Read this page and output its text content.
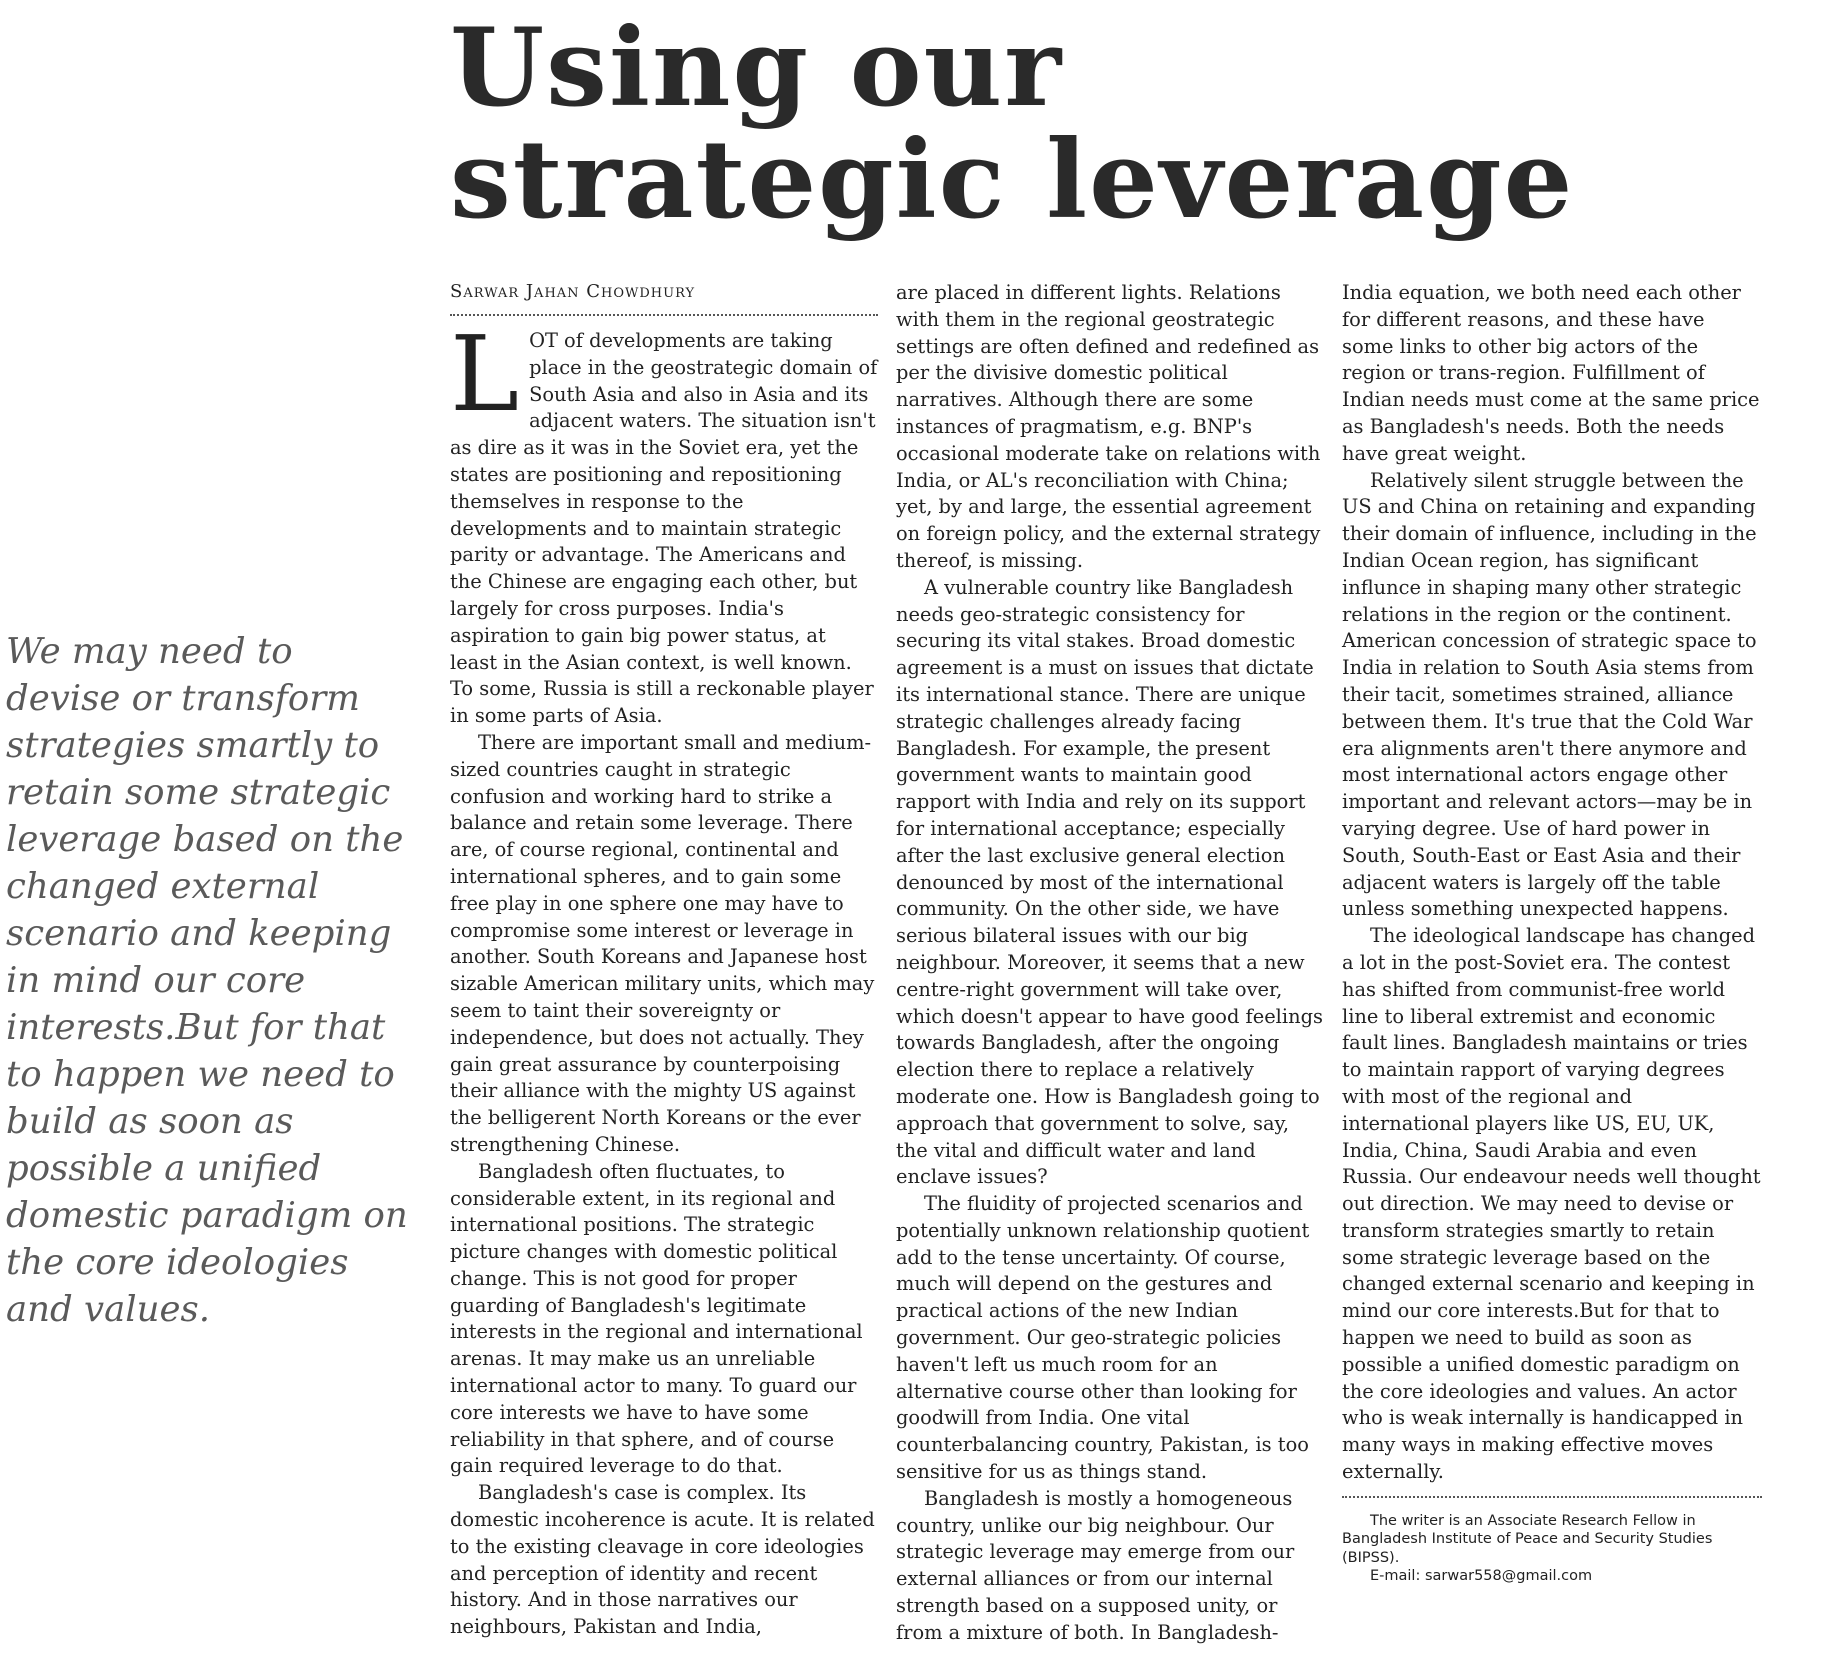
Using our strategic leverage

We may need to devise or transform strategies smartly to retain some strategic leverage based on the changed external scenario and keeping in mind our core interests.But for that to happen we need to build as soon as possible a unified domestic paradigm on the core ideologies and values.

Sarwar Jahan Chowdhury

LOT of developments are taking place in the geostrategic domain of South Asia and also in Asia and its adjacent waters. The situation isn't as dire as it was in the Soviet era, yet the states are positioning and repositioning themselves in response to the developments and to maintain strategic parity or advantage. The Americans and the Chinese are engaging each other, but largely for cross purposes. India's aspiration to gain big power status, at least in the Asian context, is well known. To some, Russia is still a reckonable player in some parts of Asia.

There are important small and medium-sized countries caught in strategic confusion and working hard to strike a balance and retain some leverage. There are, of course regional, continental and international spheres, and to gain some free play in one sphere one may have to compromise some interest or leverage in another. South Koreans and Japanese host sizable American military units, which may seem to taint their sovereignty or independence, but does not actually. They gain great assurance by counterpoising their alliance with the mighty US against the belligerent North Koreans or the ever strengthening Chinese.

Bangladesh often fluctuates, to considerable extent, in its regional and international positions. The strategic picture changes with domestic political change. This is not good for proper guarding of Bangladesh's legitimate interests in the regional and international arenas. It may make us an unreliable international actor to many. To guard our core interests we have to have some reliability in that sphere, and of course gain required leverage to do that.

Bangladesh's case is complex. Its domestic incoherence is acute. It is related to the existing cleavage in core ideologies and perception of identity and recent history. And in those narratives our neighbours, Pakistan and India,

are placed in different lights. Relations with them in the regional geostrategic settings are often defined and redefined as per the divisive domestic political narratives. Although there are some instances of pragmatism, e.g. BNP's occasional moderate take on relations with India, or AL's reconciliation with China; yet, by and large, the essential agreement on foreign policy, and the external strategy thereof, is missing.

A vulnerable country like Bangladesh needs geo-strategic consistency for securing its vital stakes. Broad domestic agreement is a must on issues that dictate its international stance. There are unique strategic challenges already facing Bangladesh. For example, the present government wants to maintain good rapport with India and rely on its support for international acceptance; especially after the last exclusive general election denounced by most of the international community. On the other side, we have serious bilateral issues with our big neighbour. Moreover, it seems that a new centre-right government will take over, which doesn't appear to have good feelings towards Bangladesh, after the ongoing election there to replace a relatively moderate one. How is Bangladesh going to approach that government to solve, say, the vital and difficult water and land enclave issues?

The fluidity of projected scenarios and potentially unknown relationship quotient add to the tense uncertainty. Of course, much will depend on the gestures and practical actions of the new Indian government. Our geo-strategic policies haven't left us much room for an alternative course other than looking for goodwill from India. One vital counterbalancing country, Pakistan, is too sensitive for us as things stand.

Bangladesh is mostly a homogeneous country, unlike our big neighbour. Our strategic leverage may emerge from our external alliances or from our internal strength based on a supposed unity, or from a mixture of both. In Bangladesh-

India equation, we both need each other for different reasons, and these have some links to other big actors of the region or trans-region. Fulfillment of Indian needs must come at the same price as Bangladesh's needs. Both the needs have great weight.

Relatively silent struggle between the US and China on retaining and expanding their domain of influence, including in the Indian Ocean region, has significant influnce in shaping many other strategic relations in the region or the continent. American concession of strategic space to India in relation to South Asia stems from their tacit, sometimes strained, alliance between them. It's true that the Cold War era alignments aren't there anymore and most international actors engage other important and relevant actors—may be in varying degree. Use of hard power in South, South-East or East Asia and their adjacent waters is largely off the table unless something unexpected happens.

The ideological landscape has changed a lot in the post-Soviet era. The contest has shifted from communist-free world line to liberal extremist and economic fault lines. Bangladesh maintains or tries to maintain rapport of varying degrees with most of the regional and international players like US, EU, UK, India, China, Saudi Arabia and even Russia. Our endeavour needs well thought out direction. We may need to devise or transform strategies smartly to retain some strategic leverage based on the changed external scenario and keeping in mind our core interests.But for that to happen we need to build as soon as possible a unified domestic paradigm on the core ideologies and values. An actor who is weak internally is handicapped in many ways in making effective moves externally.

The writer is an Associate Research Fellow in Bangladesh Institute of Peace and Security Studies (BIPSS).

E-mail: sarwar558@gmail.com
